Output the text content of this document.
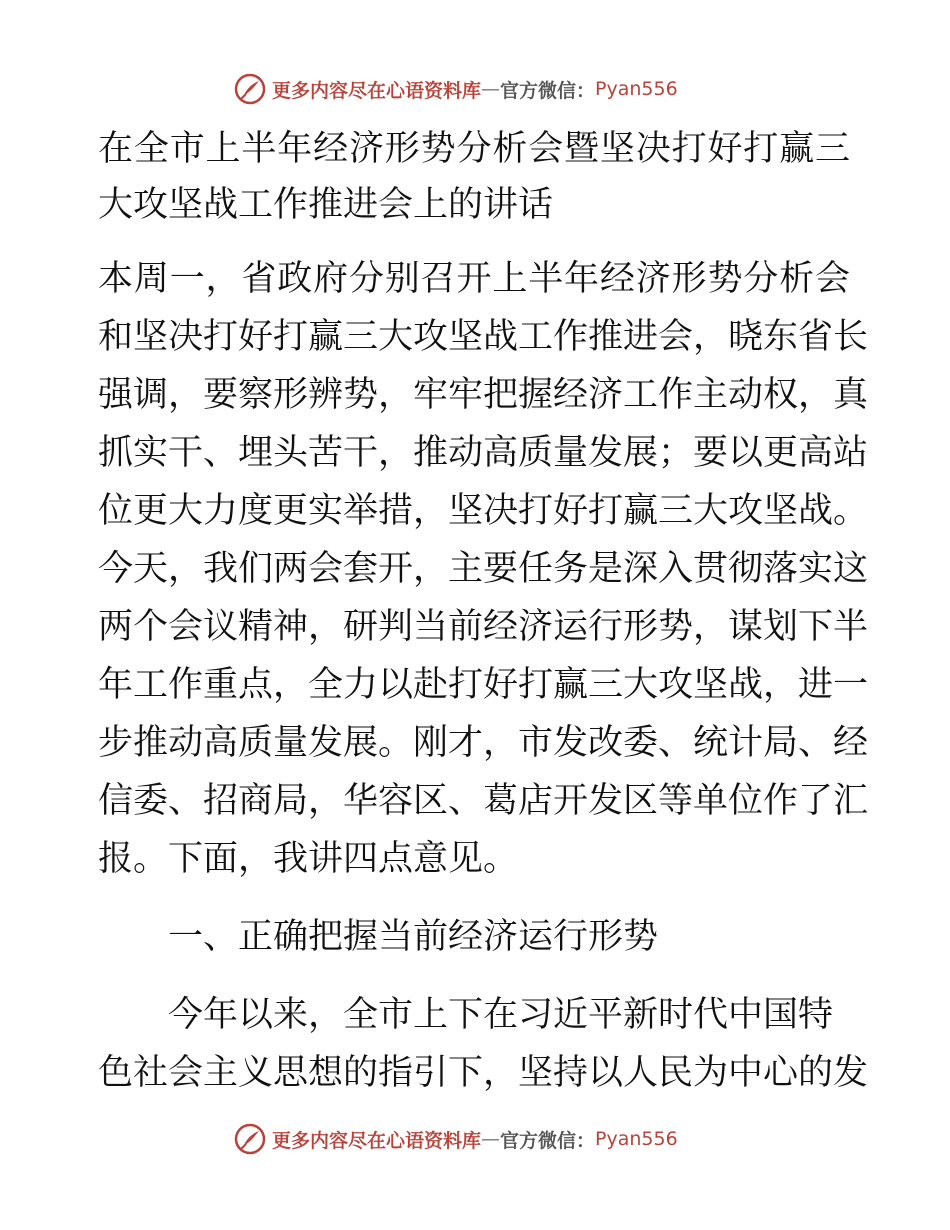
更多内容尽在心语资料库 — 官方微信： Pyan556
在全市上半年经济形势分析会暨坚决打好打赢三
大攻坚战工作推进会上的讲话
本周一，省政府分别召开上半年经济形势分析会
和坚决打好打赢三大攻坚战工作推进会，晓东省长
强调，要察形辨势，牢牢把握经济工作主动权，真
抓实干、埋头苦干，推动高质量发展；要以更高站
位更大力度更实举措，坚决打好打赢三大攻坚战。
今天，我们两会套开，主要任务是深入贯彻落实这
两个会议精神，研判当前经济运行形势，谋划下半
年工作重点，全力以赴打好打赢三大攻坚战，进一
步推动高质量发展。刚才，市发改委、统计局、经
信委、招商局，华容区、葛店开发区等单位作了汇
报。下面，我讲四点意见。
　　一、正确把握当前经济运行形势
　　今年以来，全市上下在习近平新时代中国特
色社会主义思想的指引下，坚持以人民为中心的发
更多内容尽在心语资料库 — 官方微信： Pyan556
